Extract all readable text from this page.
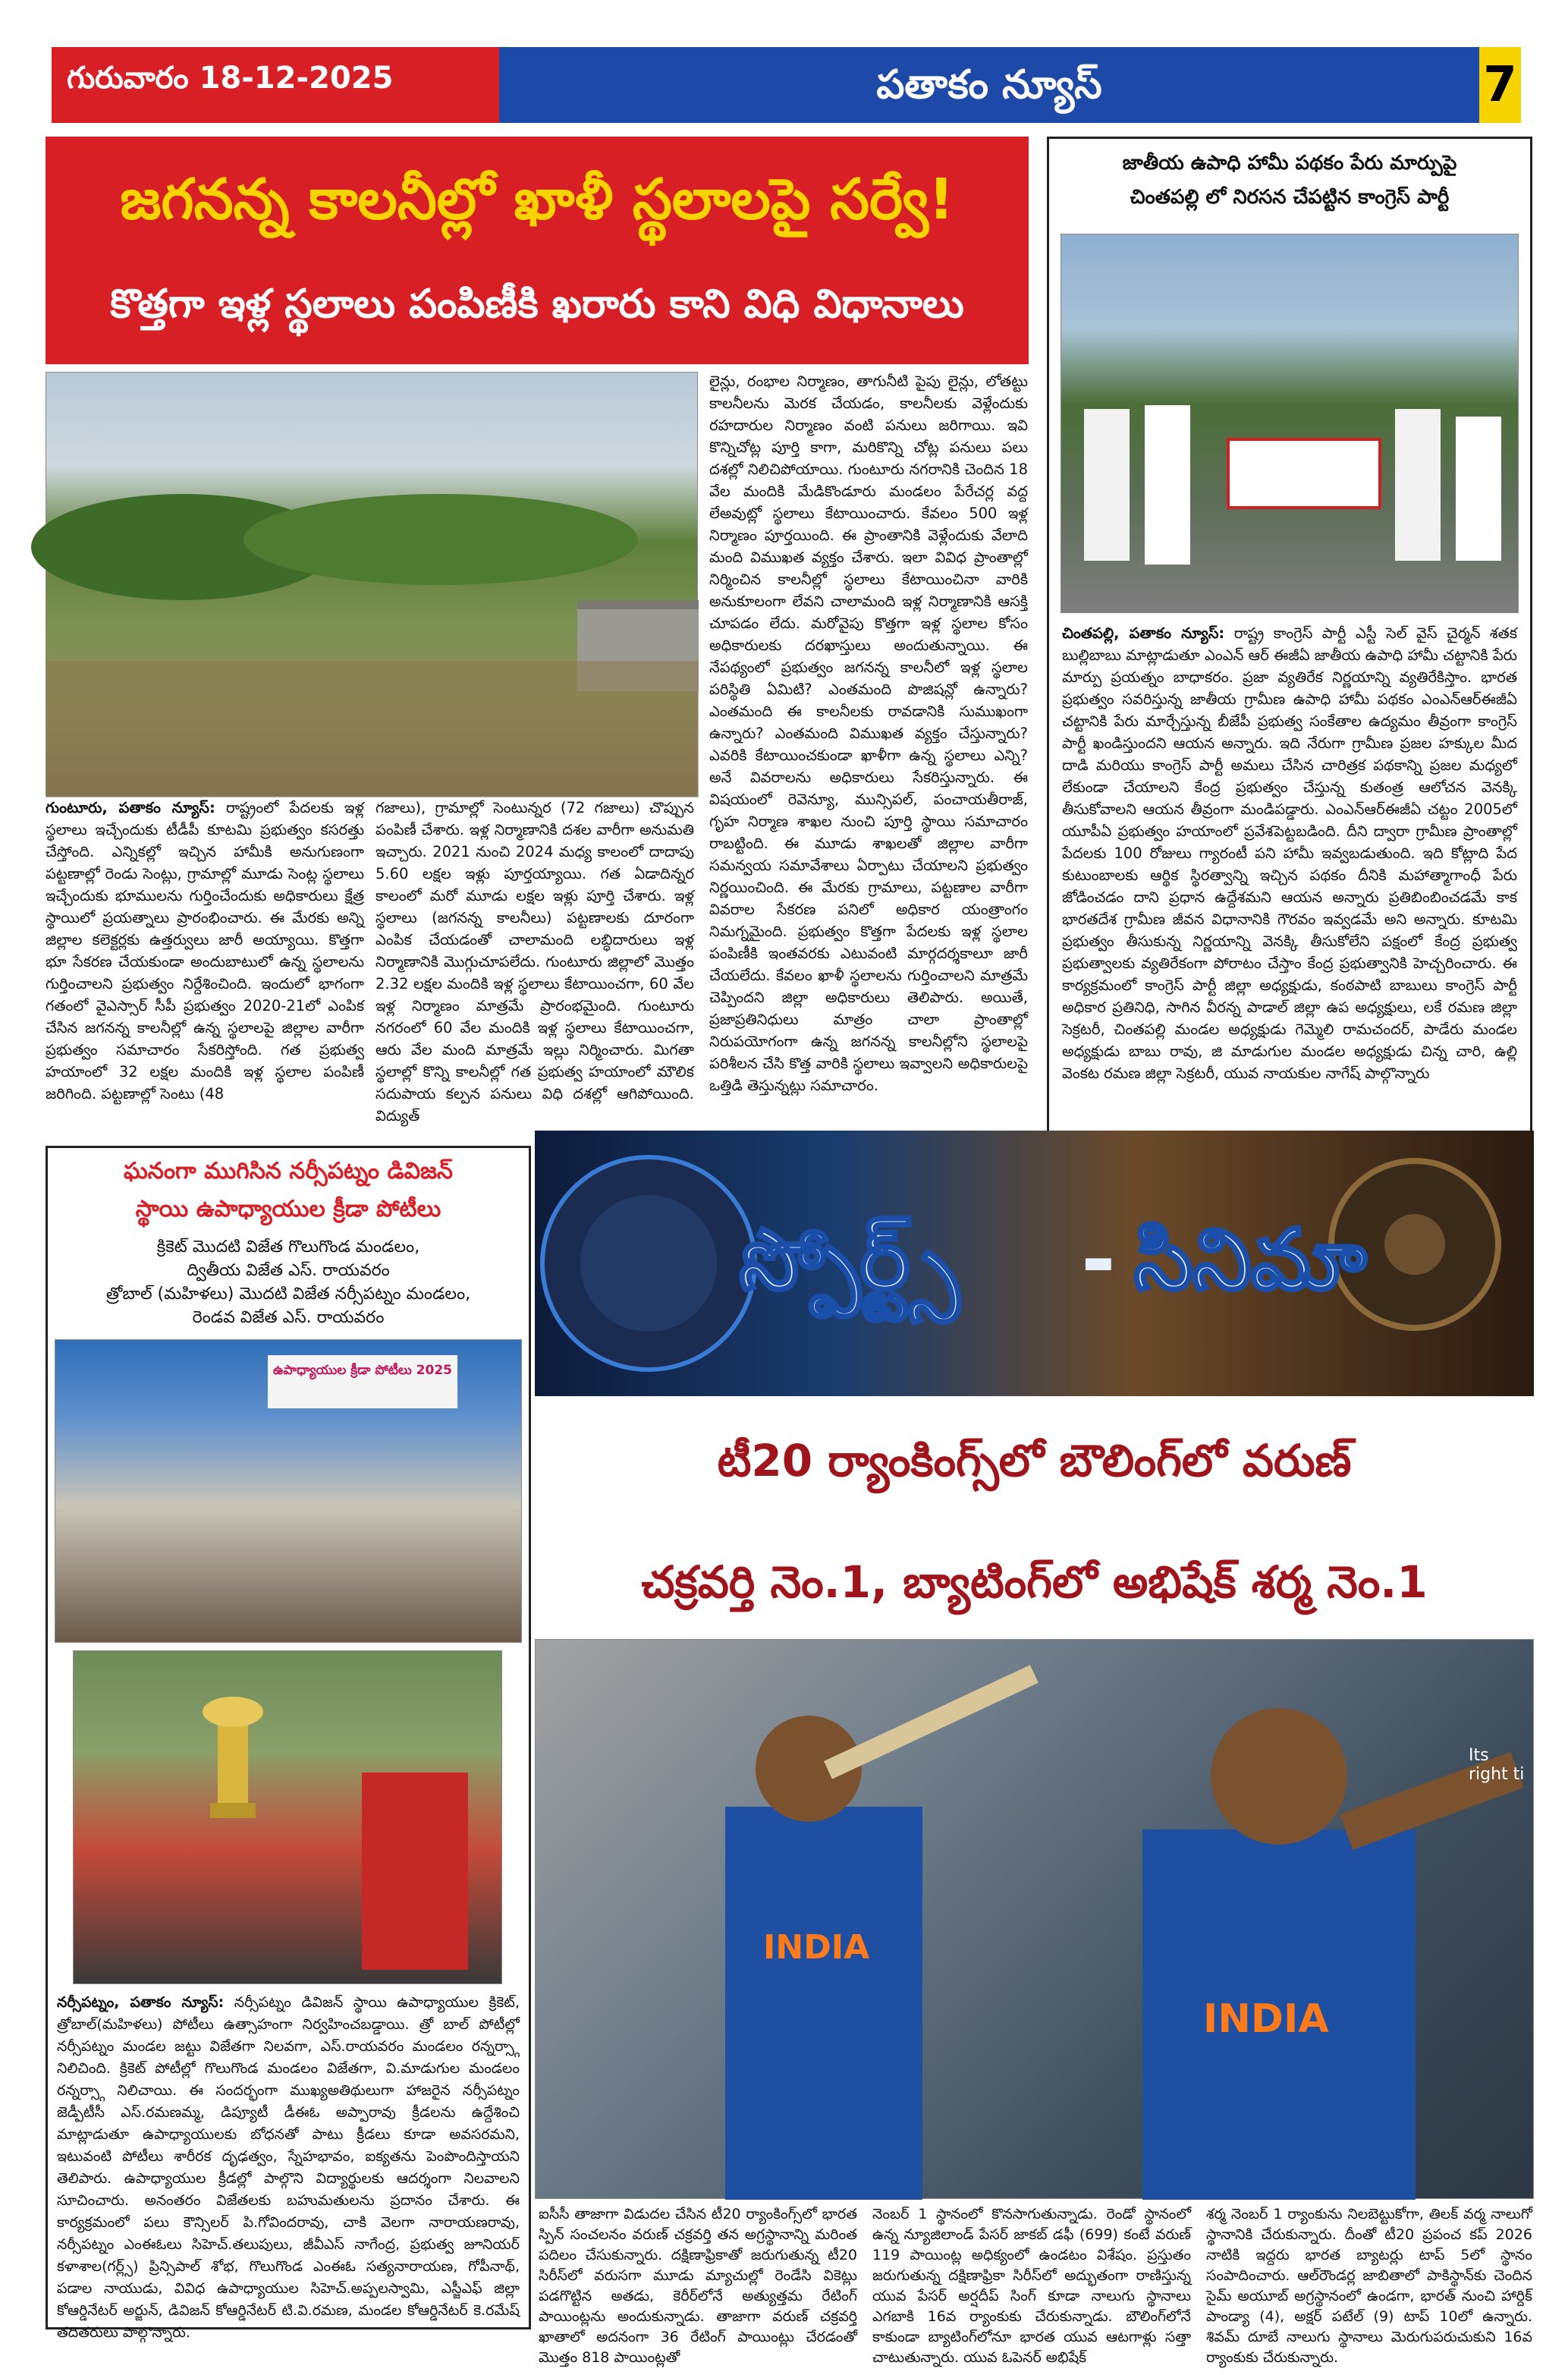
గురువారం 18-12-2025	పతాకం న్యూస్	7
జగనన్న కాలనీల్లో ఖాళీ స్థలాలపై సర్వే!
కొత్తగా ఇళ్ల స్థలాలు పంపిణీకి ఖరారు కాని విధి విధానాలు
గుంటూరు, పతాకం న్యూస్: రాష్ట్రంలో పేదలకు ఇళ్ల స్థలాలు ఇచ్చేందుకు టీడీపీ కూటమి ప్రభుత్వం కసరత్తు చేస్తోంది. ఎన్నికల్లో ఇచ్చిన హామీకి అనుగుణంగా పట్టణాల్లో రెండు సెంట్లు, గ్రామాల్లో మూడు సెంట్ల స్థలాలు ఇచ్చేందుకు భూములను గుర్తించేందుకు అధికారులు క్షేత్ర స్థాయిలో ప్రయత్నాలు ప్రారంభించారు. ఈ మేరకు అన్ని జిల్లాల కలెక్టర్లకు ఉత్తర్వులు జారీ అయ్యాయి. కొత్తగా భూ సేకరణ చేయకుండా అందుబాటులో ఉన్న స్థలాలను గుర్తించాలని ప్రభుత్వం నిర్దేశించింది. ఇందులో భాగంగా గతంలో వైఎస్సార్ సీపీ ప్రభుత్వం 2020-21లో ఎంపిక చేసిన జగనన్న కాలనీల్లో ఉన్న స్థలాలపై జిల్లాల వారీగా ప్రభుత్వం సమాచారం సేకరిస్తోంది. గత ప్రభుత్వ హయాంలో 32 లక్షల మందికి ఇళ్ల స్థలాల పంపిణీ జరిగింది. పట్టణాల్లో సెంటు (48
గజాలు), గ్రామాల్లో సెంటున్నర (72 గజాలు) చొప్పున పంపిణీ చేశారు. ఇళ్ల నిర్మాణానికి దశల వారీగా అనుమతి ఇచ్చారు. 2021 నుంచి 2024 మధ్య కాలంలో దాదాపు 5.60 లక్షల ఇళ్లు పూర్తయ్యాయి. గత ఏడాదిన్నర కాలంలో మరో మూడు లక్షల ఇళ్లు పూర్తి చేశారు. ఇళ్ల స్థలాలు (జగనన్న కాలనీలు) పట్టణాలకు దూరంగా ఎంపిక చేయడంతో చాలామంది లబ్ధిదారులు ఇళ్ల నిర్మాణానికి మొగ్గుచూపలేదు. గుంటూరు జిల్లాలో మొత్తం 2.32 లక్షల మందికి ఇళ్ల స్థలాలు కేటాయించగా, 60 వేల ఇళ్ల నిర్మాణం మాత్రమే ప్రారంభమైంది. గుంటూరు నగరంలో 60 వేల మందికి ఇళ్ల స్థలాలు కేటాయించగా, ఆరు వేల మంది మాత్రమే ఇల్లు నిర్మించారు. మిగతా స్థలాల్లో కొన్ని కాలనీల్లో గత ప్రభుత్వ హయాంలో మౌలిక సదుపాయ కల్పన పనులు విధి దశల్లో ఆగిపోయింది. విద్యుత్
లైన్లు, రంభాల నిర్మాణం, తాగునీటి పైపు లైన్లు, లోతట్టు కాలనీలను మెరక చేయడం, కాలనీలకు వెళ్లేందుకు రహదారుల నిర్మాణం వంటి పనులు జరిగాయి. ఇవి కొన్నిచోట్ల పూర్తి కాగా, మరికొన్ని చోట్ల పనులు పలు దశల్లో నిలిచిపోయాయి. గుంటూరు నగరానికి చెందిన 18 వేల మందికి మేడికొండూరు మండలం పేరేచర్ల వద్ద లేఅవుట్లో స్థలాలు కేటాయించారు. కేవలం 500 ఇళ్ల నిర్మాణం పూర్తయింది. ఈ ప్రాంతానికి వెళ్లేందుకు వేలాది మంది విముఖత వ్యక్తం చేశారు. ఇలా వివిధ ప్రాంతాల్లో నిర్మించిన కాలనీల్లో స్థలాలు కేటాయించినా వారికి అనుకూలంగా లేవని చాలామంది ఇళ్ల నిర్మాణానికి ఆసక్తి చూపడం లేదు. మరోవైపు కొత్తగా ఇళ్ల స్థలాల కోసం అధికారులకు దరఖాస్తులు అందుతున్నాయి. ఈ నేపథ్యంలో ప్రభుత్వం జగనన్న కాలనీలో ఇళ్ల స్థలాల పరిస్థితి ఏమిటి? ఎంతమంది పొజిషన్లో ఉన్నారు? ఎంతమంది ఈ కాలనీలకు రావడానికి సుముఖంగా ఉన్నారు? ఎంతమంది విముఖత వ్యక్తం చేస్తున్నారు? ఎవరికి కేటాయించకుండా ఖాళీగా ఉన్న స్థలాలు ఎన్ని? అనే వివరాలను అధికారులు సేకరిస్తున్నారు. ఈ విషయంలో రెవెన్యూ, మున్సిపల్, పంచాయతీరాజ్, గృహ నిర్మాణ శాఖల నుంచి పూర్తి స్థాయి సమాచారం రాబట్టింది. ఈ మూడు శాఖలతో జిల్లాల వారీగా సమన్వయ సమావేశాలు ఏర్పాటు చేయాలని ప్రభుత్వం నిర్ణయించింది. ఈ మేరకు గ్రామాలు, పట్టణాల వారీగా వివరాల సేకరణ పనిలో అధికార యంత్రాంగం నిమగ్నమైంది. ప్రభుత్వం కొత్తగా పేదలకు ఇళ్ల స్థలాల పంపిణీకి ఇంతవరకు ఎటువంటి మార్గదర్శకాలూ జారీ చేయలేదు. కేవలం ఖాళీ స్థలాలను గుర్తించాలని మాత్రమే చెప్పిందని జిల్లా అధికారులు తెలిపారు. అయితే, ప్రజాప్రతినిధులు మాత్రం చాలా ప్రాంతాల్లో నిరుపయోగంగా ఉన్న జగనన్న కాలనీల్లోని స్థలాలపై పరిశీలన చేసి కొత్త వారికి స్థలాలు ఇవ్వాలని అధికారులపై ఒత్తిడి తెస్తున్నట్లు సమాచారం.
జాతీయ ఉపాధి హామీ పథకం పేరు మార్పుపై
చింతపల్లి లో నిరసన చేపట్టిన కాంగ్రెస్ పార్టీ
చింతపల్లి, పతాకం న్యూస్: రాష్ట్ర కాంగ్రెస్ పార్టీ ఎస్టీ సెల్ వైస్ చైర్మన్ శతక బుల్లిబాబు మాట్లాడుతూ ఎంఎన్ ఆర్ ఈజీఏ జాతీయ ఉపాధి హామీ చట్టానికి పేరు మార్పు ప్రయత్నం బాధాకరం. ప్రజా వ్యతిరేక నిర్ణయాన్ని వ్యతిరేకిస్తాం. భారత ప్రభుత్వం సవరిస్తున్న జాతీయ గ్రామీణ ఉపాధి హామీ పథకం ఎంఎన్ఆర్ఈజీఏ చట్టానికి పేరు మార్చేస్తున్న బీజేపీ ప్రభుత్వ సంకేతాల ఉద్యమం తీవ్రంగా కాంగ్రెస్ పార్టీ ఖండిస్తుందని ఆయన అన్నారు. ఇది నేరుగా గ్రామీణ ప్రజల హక్కుల మీద దాడి మరియు కాంగ్రెస్ పార్టీ అమలు చేసిన చారిత్రక పథకాన్ని ప్రజల మధ్యలో లేకుండా చేయాలని కేంద్ర ప్రభుత్వం చేస్తున్న కుతంత్ర ఆలోచన వెనక్కి తీసుకోవాలని ఆయన తీవ్రంగా మండిపడ్డారు. ఎంఎన్ఆర్ఈజీఏ చట్టం 2005లో యూపీఏ ప్రభుత్వం హయాంలో ప్రవేశపెట్టబడింది. దీని ద్వారా గ్రామీణ ప్రాంతాల్లో పేదలకు 100 రోజులు గ్యారంటీ పని హామీ ఇవ్వబడుతుంది. ఇది కోట్లాది పేద కుటుంబాలకు ఆర్థిక స్థిరత్వాన్ని ఇచ్చిన పథకం దీనికి మహాత్మాగాంధీ పేరు జోడించడం దాని ప్రధాన ఉద్దేశమని ఆయన అన్నారు ప్రతిబింబించడమే కాక భారతదేశ గ్రామీణ జీవన విధానానికి గౌరవం ఇవ్వడమే అని అన్నారు. కూటమి ప్రభుత్వం తీసుకున్న నిర్ణయాన్ని వెనక్కి తీసుకోలేని పక్షంలో కేంద్ర ప్రభుత్వ ప్రభుత్వాలకు వ్యతిరేకంగా పోరాటం చేస్తాం కేంద్ర ప్రభుత్వానికి హెచ్చరించారు. ఈ కార్యక్రమంలో కాంగ్రెస్ పార్టీ జిల్లా అధ్యక్షుడు, కంఠపాటి బాబులు కాంగ్రెస్ పార్టీ అధికార ప్రతినిధి, సాగిన వీరన్న పాడాల్ జిల్లా ఉప అధ్యక్షులు, లకే రమణ జిల్లా సెక్రటరీ, చింతపల్లి మండల అధ్యక్షుడు గెమ్మెలి రామచందర్, పాడేరు మండల అధ్యక్షుడు బాబు రావు, జి మాడుగుల మండల అధ్యక్షుడు చిన్న చారి, ఉల్లి వెంకట రమణ జిల్లా సెక్రటరీ, యువ నాయకుల నాగేష్ పాల్గొన్నారు
ఘనంగా ముగిసిన నర్సీపట్నం డివిజన్
స్థాయి ఉపాధ్యాయుల క్రీడా పోటీలు
క్రికెట్ మొదటి విజేత గొలుగొండ మండలం,
ద్వితీయ విజేత ఎస్. రాయవరం
త్రోబాల్ (మహిళలు) మొదటి విజేత నర్సీపట్నం మండలం,
రెండవ విజేత ఎస్. రాయవరం
ఉపాధ్యాయుల క్రీడా పోటీలు 2025
నర్సీపట్నం, పతాకం న్యూస్: నర్సీపట్నం డివిజన్ స్థాయి ఉపాధ్యాయుల క్రికెట్, త్రోబాల్(మహిళలు) పోటీలు ఉత్సాహంగా నిర్వహించబడ్డాయి. త్రో బాల్ పోటీల్లో నర్సీపట్నం మండల జట్టు విజేతగా నిలవగా, ఎస్.రాయవరం మండలం రన్నర్స్గా నిలిచింది. క్రికెట్ పోటీల్లో గొలుగొండ మండలం విజేతగా, వి.మాడుగుల మండలం రన్నర్స్గా నిలిచాయి. ఈ సందర్భంగా ముఖ్యఅతిథులుగా హాజరైన నర్సీపట్నం జెడ్పీటీసీ ఎస్.రమణమ్మ, డిప్యూటీ డీఈఓ అప్పారావు క్రీడలను ఉద్దేశించి మాట్లాడుతూ ఉపాధ్యాయులకు బోధనతో పాటు క్రీడలు కూడా అవసరమని, ఇటువంటి పోటీలు శారీరక దృఢత్వం, స్నేహభావం, ఐక్యతను పెంపొందిస్తాయని తెలిపారు. ఉపాధ్యాయుల క్రీడల్లో పాల్గొని విద్యార్థులకు ఆదర్శంగా నిలవాలని సూచించారు. అనంతరం విజేతలకు బహుమతులను ప్రదానం చేశారు. ఈ కార్యక్రమంలో పలు కౌన్సిలర్ పి.గోవిందరావు, చాకి వెలగా నారాయణరావు, నర్సీపట్నం ఎంఈఓలు సిహెచ్.తలుపులు, జీవీఎస్ నాగేంద్ర, ప్రభుత్వ జూనియర్ కళాశాల(గర్ల్స్) ప్రిన్సిపాల్ శోభ, గొలుగొండ ఎంఈఓ సత్యనారాయణ, గోపీనాథ్, పడాల నాయుడు, వివిధ ఉపాధ్యాయుల సిహెచ్.అప్పలస్వామి, ఎస్జీఎఫ్ జిల్లా కోఆర్డినేటర్ అర్జున్, డివిజన్ కోఆర్డినేటర్ టి.వి.రమణ, మండల కోఆర్డినేటర్ కె.రమేష్ తదితరులు పాల్గొన్నారు.
స్పోర్ట్స్ - సినిమా
టీ20 ర్యాంకింగ్స్‌లో బౌలింగ్‌లో వరుణ్
చక్రవర్తి నెం.1, బ్యాటింగ్‌లో అభిషేక్ శర్మ నెం.1
INDIA
INDIA
Its right ti
ఐసీసీ తాజాగా విడుదల చేసిన టీ20 ర్యాంకింగ్స్‌లో భారత స్పిన్ సంచలనం వరుణ్ చక్రవర్తి తన అగ్రస్థానాన్ని మరింత పదిలం చేసుకున్నారు. దక్షిణాఫ్రికాతో జరుగుతున్న టీ20 సిరీస్‌లో వరుసగా మూడు మ్యాచుల్లో రెండేసి వికెట్లు పడగొట్టిన అతడు, కెరీర్‌లోనే అత్యుత్తమ రేటింగ్ పాయింట్లను అందుకున్నాడు. తాజాగా వరుణ్ చక్రవర్తి ఖాతాలో అదనంగా 36 రేటింగ్ పాయింట్లు చేరడంతో మొత్తం 818 పాయింట్లతో
నెంబర్ 1 స్థానంలో కొనసాగుతున్నాడు. రెండో స్థానంలో ఉన్న న్యూజిలాండ్ పేసర్ జాకబ్ డఫీ (699) కంటే వరుణ్ 119 పాయింట్ల అధిక్యంలో ఉండటం విశేషం. ప్రస్తుతం జరుగుతున్న దక్షిణాఫ్రికా సిరీస్‌లో అద్భుతంగా రాణిస్తున్న యువ పేసర్ అర్షదీప్ సింగ్ కూడా నాలుగు స్థానాలు ఎగబాకి 16వ ర్యాంకుకు చేరుకున్నాడు. బౌలింగ్‌లోనే కాకుండా బ్యాటింగ్‌లోనూ భారత యువ ఆటగాళ్లు సత్తా చాటుతున్నారు. యువ ఓపెనర్ అభిషేక్
శర్మ నెంబర్ 1 ర్యాంకును నిలబెట్టుకోగా, తిలక్ వర్మ నాలుగో స్థానానికి చేరుకున్నారు. దీంతో టీ20 ప్రపంచ కప్ 2026 నాటికి ఇద్దరు భారత బ్యాటర్లు టాప్ 5లో స్థానం సంపాదించారు. ఆల్‌రౌండర్ల జాబితాలో పాకిస్థాన్‌కు చెందిన సైమ్ అయూబ్ అగ్రస్థానంలో ఉండగా, భారత్ నుంచి హార్దిక్ పాండ్యా (4), అక్షర్ పటేల్ (9) టాప్ 10లో ఉన్నారు. శివమ్ దూబే నాలుగు స్థానాలు మెరుగుపరుచుకుని 16వ ర్యాంకుకు చేరుకున్నారు.
